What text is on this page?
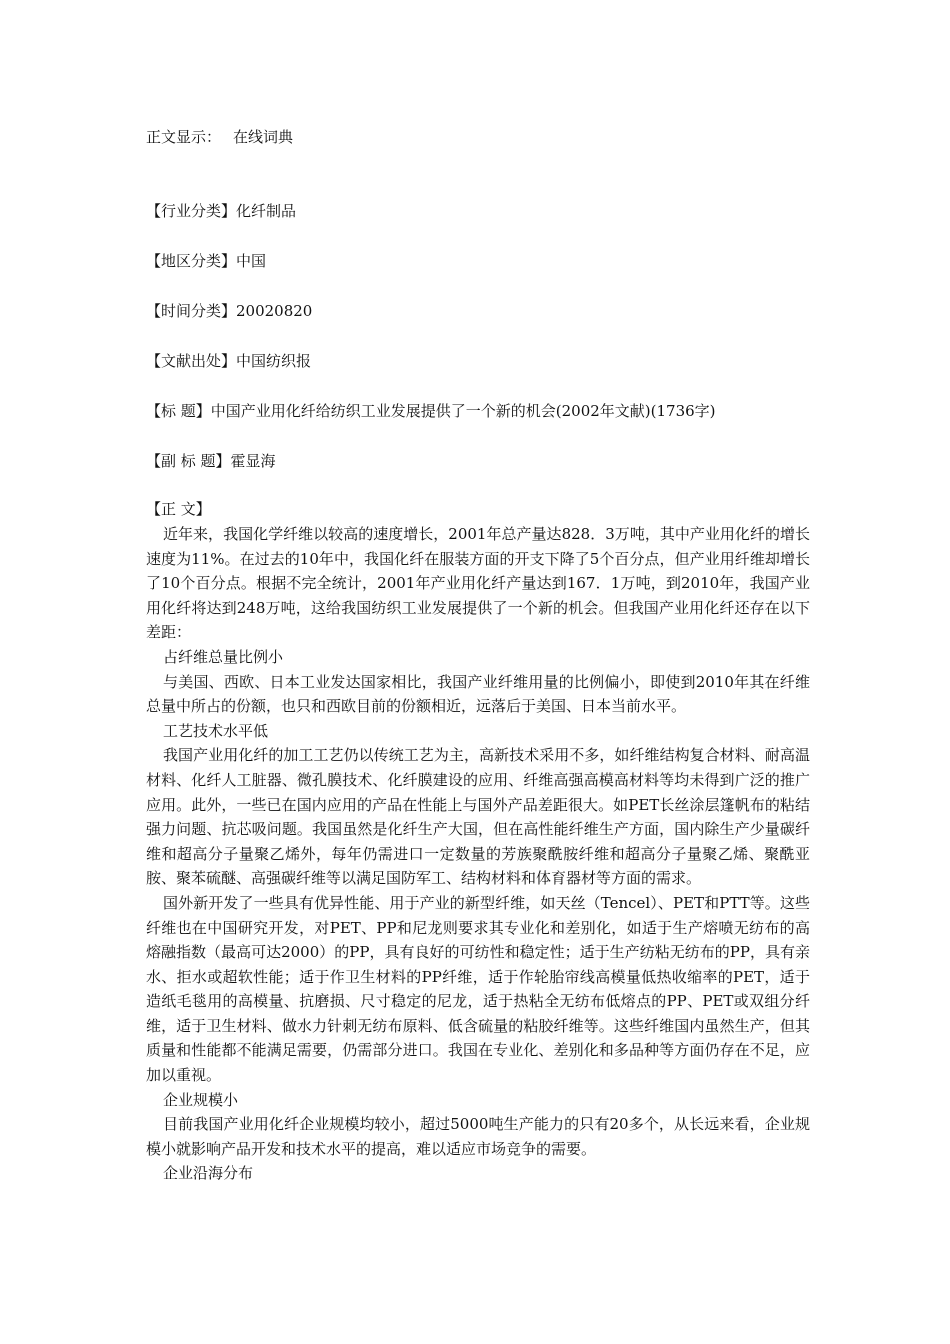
正文显示： 在线词典
【行业分类】化纤制品
【地区分类】中国
【时间分类】20020820
【文献出处】中国纺织报
【标 题】中国产业用化纤给纺织工业发展提供了一个新的机会(2002年文献)(1736字)
【副 标 题】霍显海
【正 文】

近年来，我国化学纤维以较高的速度增长，2001年总产量达828．3万吨，其中产业用化纤的增长速度为11%。在过去的10年中，我国化纤在服装方面的开支下降了5个百分点，但产业用纤维却增长了10个百分点。根据不完全统计，2001年产业用化纤产量达到167．1万吨，到2010年，我国产业用化纤将达到248万吨，这给我国纺织工业发展提供了一个新的机会。但我国产业用化纤还存在以下差距：

占纤维总量比例小

与美国、西欧、日本工业发达国家相比，我国产业纤维用量的比例偏小，即使到2010年其在纤维总量中所占的份额，也只和西欧目前的份额相近，远落后于美国、日本当前水平。

工艺技术水平低

我国产业用化纤的加工工艺仍以传统工艺为主，高新技术采用不多，如纤维结构复合材料、耐高温材料、化纤人工脏器、微孔膜技术、化纤膜建设的应用、纤维高强高模高材料等均未得到广泛的推广应用。此外，一些已在国内应用的产品在性能上与国外产品差距很大。如PET长丝涂层篷帆布的粘结强力问题、抗芯吸问题。我国虽然是化纤生产大国，但在高性能纤维生产方面，国内除生产少量碳纤维和超高分子量聚乙烯外，每年仍需进口一定数量的芳族聚酰胺纤维和超高分子量聚乙烯、聚酰亚胺、聚苯硫醚、高强碳纤维等以满足国防军工、结构材料和体育器材等方面的需求。

国外新开发了一些具有优异性能、用于产业的新型纤维，如天丝（Tencel）、PET和PTT等。这些纤维也在中国研究开发，对PET、PP和尼龙则要求其专业化和差别化，如适于生产熔喷无纺布的高熔融指数（最高可达2000）的PP，具有良好的可纺性和稳定性；适于生产纺粘无纺布的PP，具有亲水、拒水或超软性能；适于作卫生材料的PP纤维，适于作轮胎帘线高模量低热收缩率的PET，适于造纸毛毯用的高模量、抗磨损、尺寸稳定的尼龙，适于热粘全无纺布低熔点的PP、PET或双组分纤维，适于卫生材料、做水力针刺无纺布原料、低含硫量的粘胶纤维等。这些纤维国内虽然生产，但其质量和性能都不能满足需要，仍需部分进口。我国在专业化、差别化和多品种等方面仍存在不足，应加以重视。

企业规模小

目前我国产业用化纤企业规模均较小，超过5000吨生产能力的只有20多个，从长远来看，企业规模小就影响产品开发和技术水平的提高，难以适应市场竞争的需要。

企业沿海分布
